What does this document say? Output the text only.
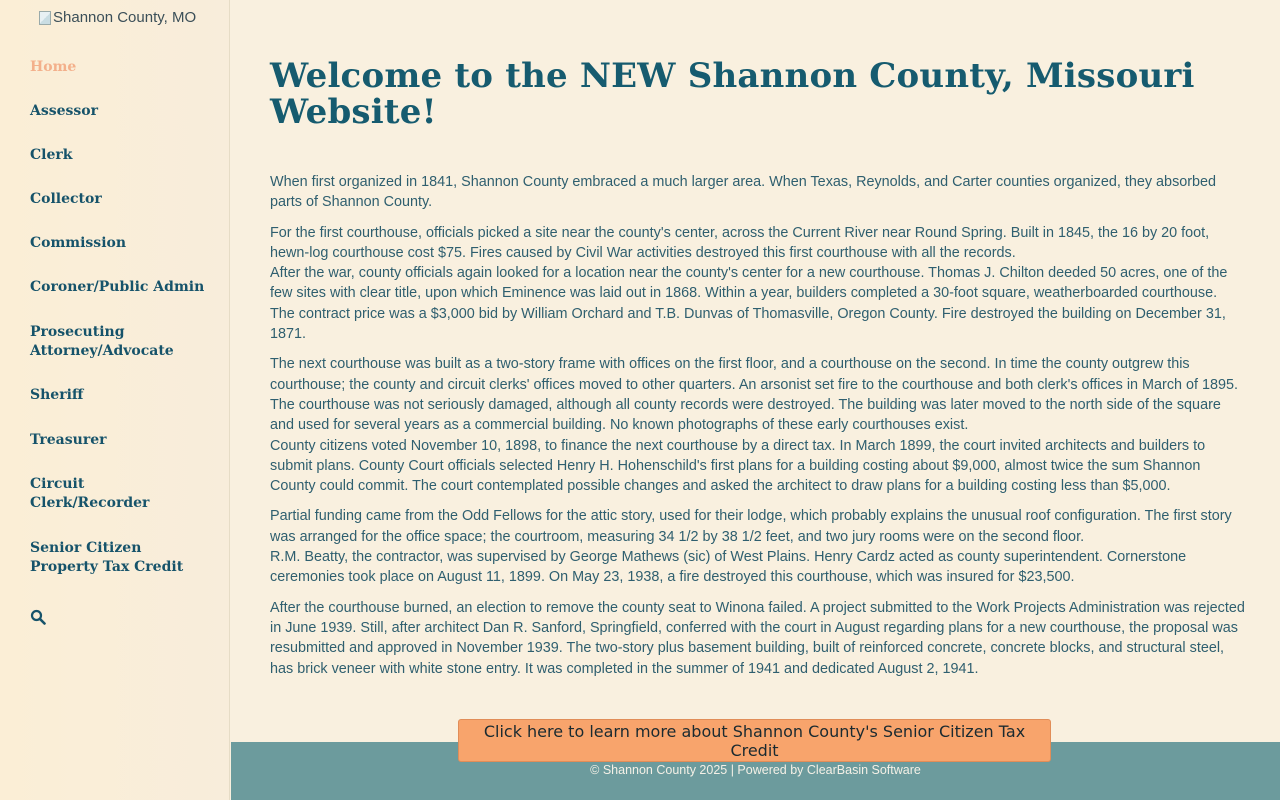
Shannon County, MO
Home
Assessor
Clerk
Collector
Commission
Coroner/Public Admin
Prosecuting Attorney/Advocate
Sheriff
Treasurer
Circuit Clerk/Recorder
Senior Citizen Property Tax Credit
Welcome to the NEW Shannon County, Missouri Website!

When first organized in 1841, Shannon County embraced a much larger area. When Texas, Reynolds, and Carter counties organized, they absorbed parts of Shannon County.

For the first courthouse, officials picked a site near the county's center, across the Current River near Round Spring. Built in 1845, the 16 by 20 foot, hewn-log courthouse cost $75. Fires caused by Civil War activities destroyed this first courthouse with all the records.
After the war, county officials again looked for a location near the county's center for a new courthouse. Thomas J. Chilton deeded 50 acres, one of the few sites with clear title, upon which Eminence was laid out in 1868. Within a year, builders completed a 30-foot square, weatherboarded courthouse. The contract price was a $3,000 bid by William Orchard and T.B. Dunvas of Thomasville, Oregon County. Fire destroyed the building on December 31, 1871.

The next courthouse was built as a two-story frame with offices on the first floor, and a courthouse on the second. In time the county outgrew this courthouse; the county and circuit clerks' offices moved to other quarters. An arsonist set fire to the courthouse and both clerk's offices in March of 1895. The courthouse was not seriously damaged, although all county records were destroyed. The building was later moved to the north side of the square and used for several years as a commercial building. No known photographs of these early courthouses exist.
County citizens voted November 10, 1898, to finance the next courthouse by a direct tax. In March 1899, the court invited architects and builders to submit plans. County Court officials selected Henry H. Hohenschild's first plans for a building costing about $9,000, almost twice the sum Shannon County could commit. The court contemplated possible changes and asked the architect to draw plans for a building costing less than $5,000.

Partial funding came from the Odd Fellows for the attic story, used for their lodge, which probably explains the unusual roof configuration. The first story was arranged for the office space; the courtroom, measuring 34 1/2 by 38 1/2 feet, and two jury rooms were on the second floor.
R.M. Beatty, the contractor, was supervised by George Mathews (sic) of West Plains. Henry Cardz acted as county superintendent. Cornerstone ceremonies took place on August 11, 1899. On May 23, 1938, a fire destroyed this courthouse, which was insured for $23,500.

After the courthouse burned, an election to remove the county seat to Winona failed. A project submitted to the Work Projects Administration was rejected in June 1939. Still, after architect Dan R. Sanford, Springfield, conferred with the court in August regarding plans for a new courthouse, the proposal was resubmitted and approved in November 1939. The two-story plus basement building, built of reinforced concrete, concrete blocks, and structural steel, has brick veneer with white stone entry. It was completed in the summer of 1941 and dedicated August 2, 1941.

Click here to learn more about Shannon County's Senior Citizen Tax Credit
© Shannon County 2025 | Powered by ClearBasin Software
